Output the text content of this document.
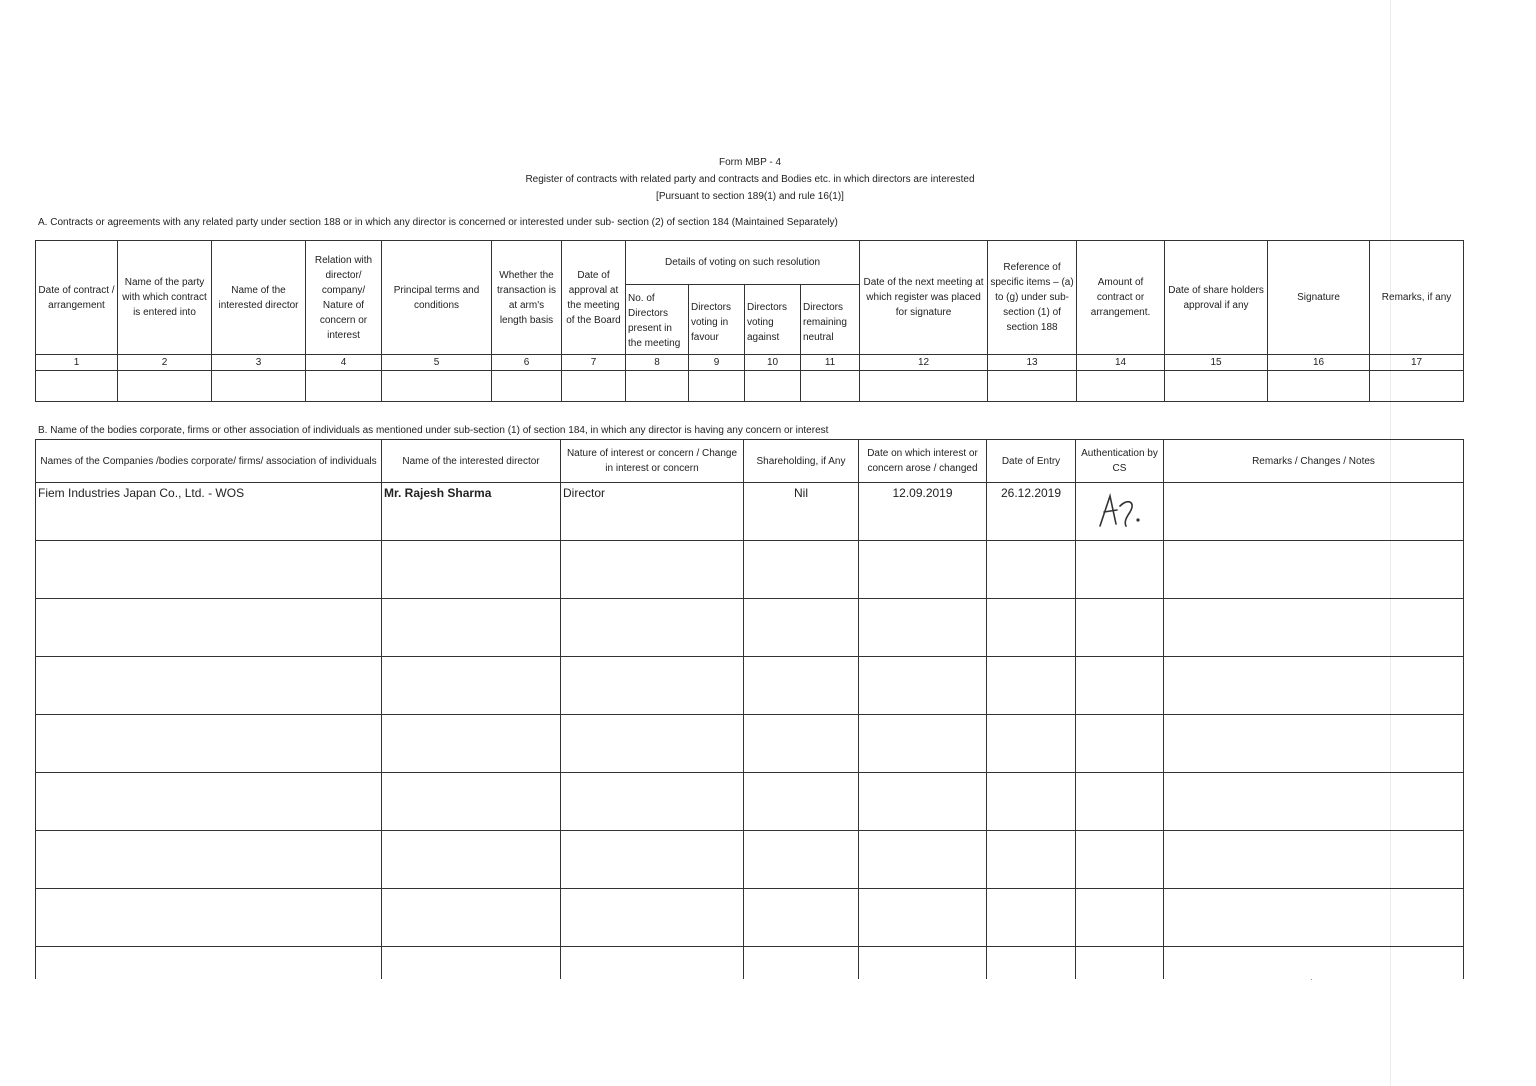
·
Form MBP - 4
Register of contracts with related party and contracts and Bodies etc. in which directors are interested
[Pursuant to section 189(1) and rule 16(1)]
A. Contracts or agreements with any related party under section 188 or in which any director is concerned or interested under sub- section (2) of section 184 (Maintained Separately)
Date of contract / arrangement	Name of the party with which contract is entered into	Name of the interested director	Relation with director/ company/ Nature of concern or interest	Principal terms and conditions	Whether the transaction is at arm's length basis	Date of approval at the meeting of the Board	Details of voting on such resolution				Date of the next meeting at which register was placed for signature	Reference of specific items – (a) to (g) under sub-section (1) of section 188	Amount of contract or arrangement.	Date of share holders approval if any	Signature	Remarks, if any
							No. of Directors present in the meeting	Directors voting in favour	Directors voting against	Directors remaining neutral						
1	2	3	4	5	6	7	8	9	10	11	12	13	14	15	16	17

B. Name of the bodies corporate, firms or other association of individuals as mentioned under sub-section (1) of section 184, in which any director is having any concern or interest
Names of the Companies /bodies corporate/ firms/ association of individuals	Name of the interested director	Nature of interest or concern / Change in interest or concern	Shareholding, if Any	Date on which interest or concern arose / changed	Date of Entry	Authentication by CS	Remarks / Changes / Notes
Fiem Industries Japan Co., Ltd. - WOS	Mr. Rajesh Sharma	Director	Nil	12.09.2019	26.12.2019	
